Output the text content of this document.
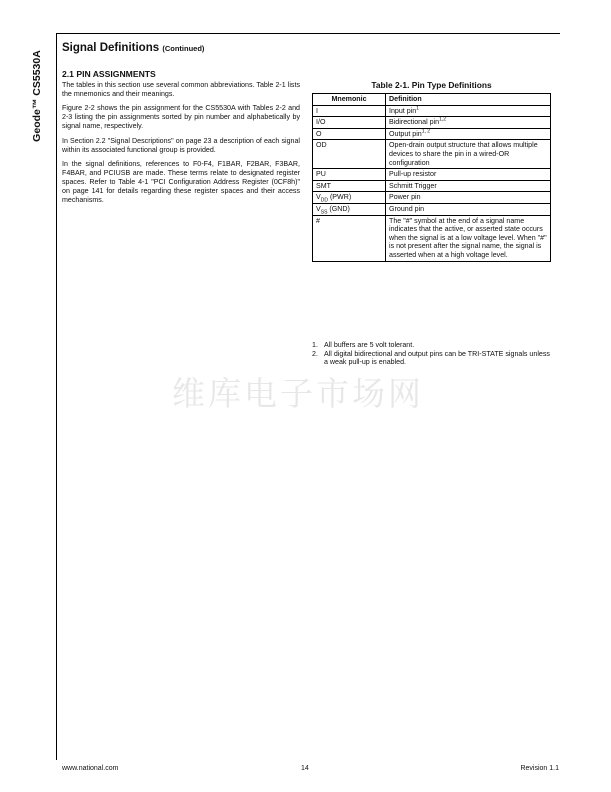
Geode™ CS5530A
Signal Definitions (Continued)
2.1 PIN ASSIGNMENTS

The tables in this section use several common abbreviations. Table 2-1 lists the mnemonics and their meanings.

Figure 2-2 shows the pin assignment for the CS5530A with Tables 2-2 and 2-3 listing the pin assignments sorted by pin number and alphabetically by signal name, respectively.

In Section 2.2 "Signal Descriptions" on page 23 a description of each signal within its associated functional group is provided.

In the signal definitions, references to F0-F4, F1BAR, F2BAR, F3BAR, F4BAR, and PCIUSB are made. These terms relate to designated register spaces. Refer to Table 4-1 "PCI Configuration Address Register (0CF8h)" on page 141 for details regarding these register spaces and their access mechanisms.

Table 2-1. Pin Type Definitions
Mnemonic	Definition
I	Input pin$^1$
I/O	Bidirectional pin$^{1,2}$
O	Output pin$^{1, 2}$
OD	Open-drain output structure that allows multiple devices to share the pin in a wired-OR configuration
PU	Pull-up resistor
SMT	Schmitt Trigger
$V_{DD}$ (PWR)	Power pin
$V_{SS}$ (GND)	Ground pin
#	The "#" symbol at the end of a signal name indicates that the active, or asserted state occurs when the signal is at a low voltage level. When "#" is not present after the signal name, the signal is asserted when at a high voltage level.
1. All buffers are 5 volt tolerant.
2. All digital bidirectional and output pins can be TRI-STATE signals unless a weak pull-up is enabled.
维库电子市场网
www.national.com	14	Revision 1.1
